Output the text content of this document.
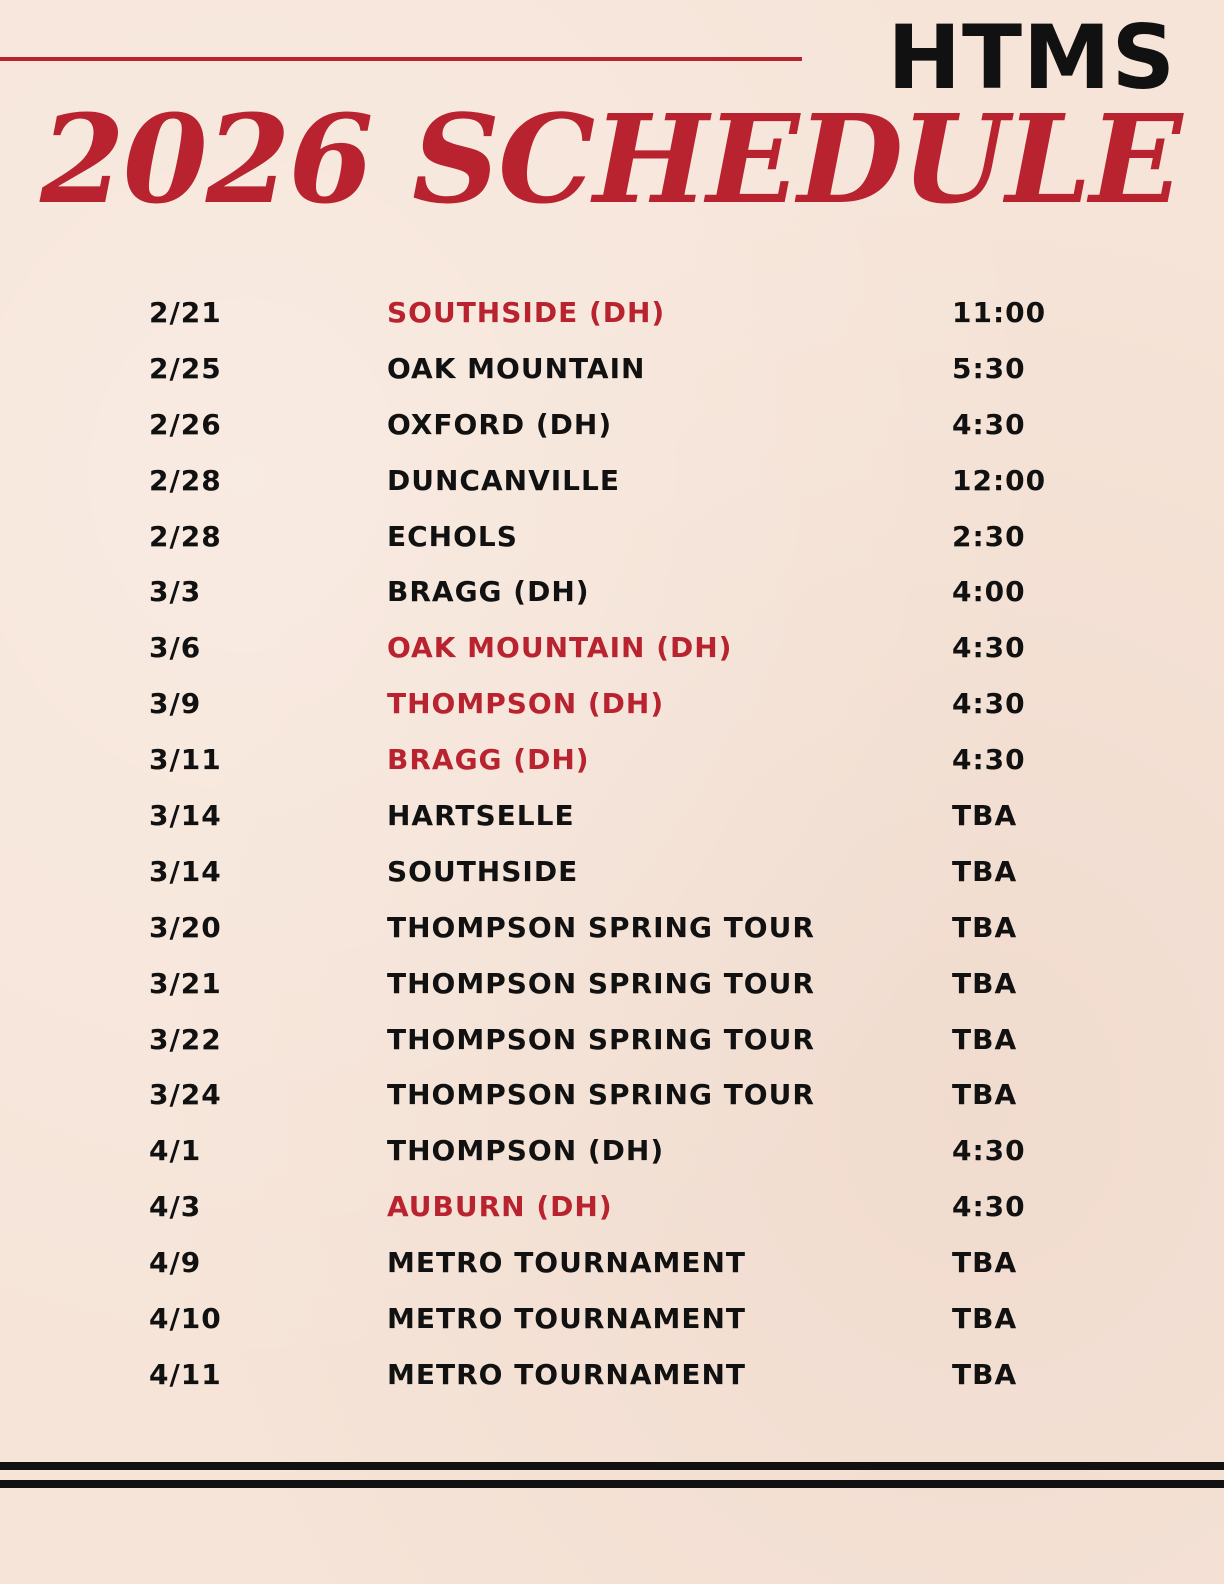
HTMS
2026 SCHEDULE
2/21	SOUTHSIDE (DH)	11:00
2/25	OAK MOUNTAIN	5:30
2/26	OXFORD (DH)	4:30
2/28	DUNCANVILLE	12:00
2/28	ECHOLS	2:30
3/3	BRAGG (DH)	4:00
3/6	OAK MOUNTAIN (DH)	4:30
3/9	THOMPSON (DH)	4:30
3/11	BRAGG (DH)	4:30
3/14	HARTSELLE	TBA
3/14	SOUTHSIDE	TBA
3/20	THOMPSON SPRING TOUR	TBA
3/21	THOMPSON SPRING TOUR	TBA
3/22	THOMPSON SPRING TOUR	TBA
3/24	THOMPSON SPRING TOUR	TBA
4/1	THOMPSON (DH)	4:30
4/3	AUBURN (DH)	4:30
4/9	METRO TOURNAMENT	TBA
4/10	METRO TOURNAMENT	TBA
4/11	METRO TOURNAMENT	TBA
